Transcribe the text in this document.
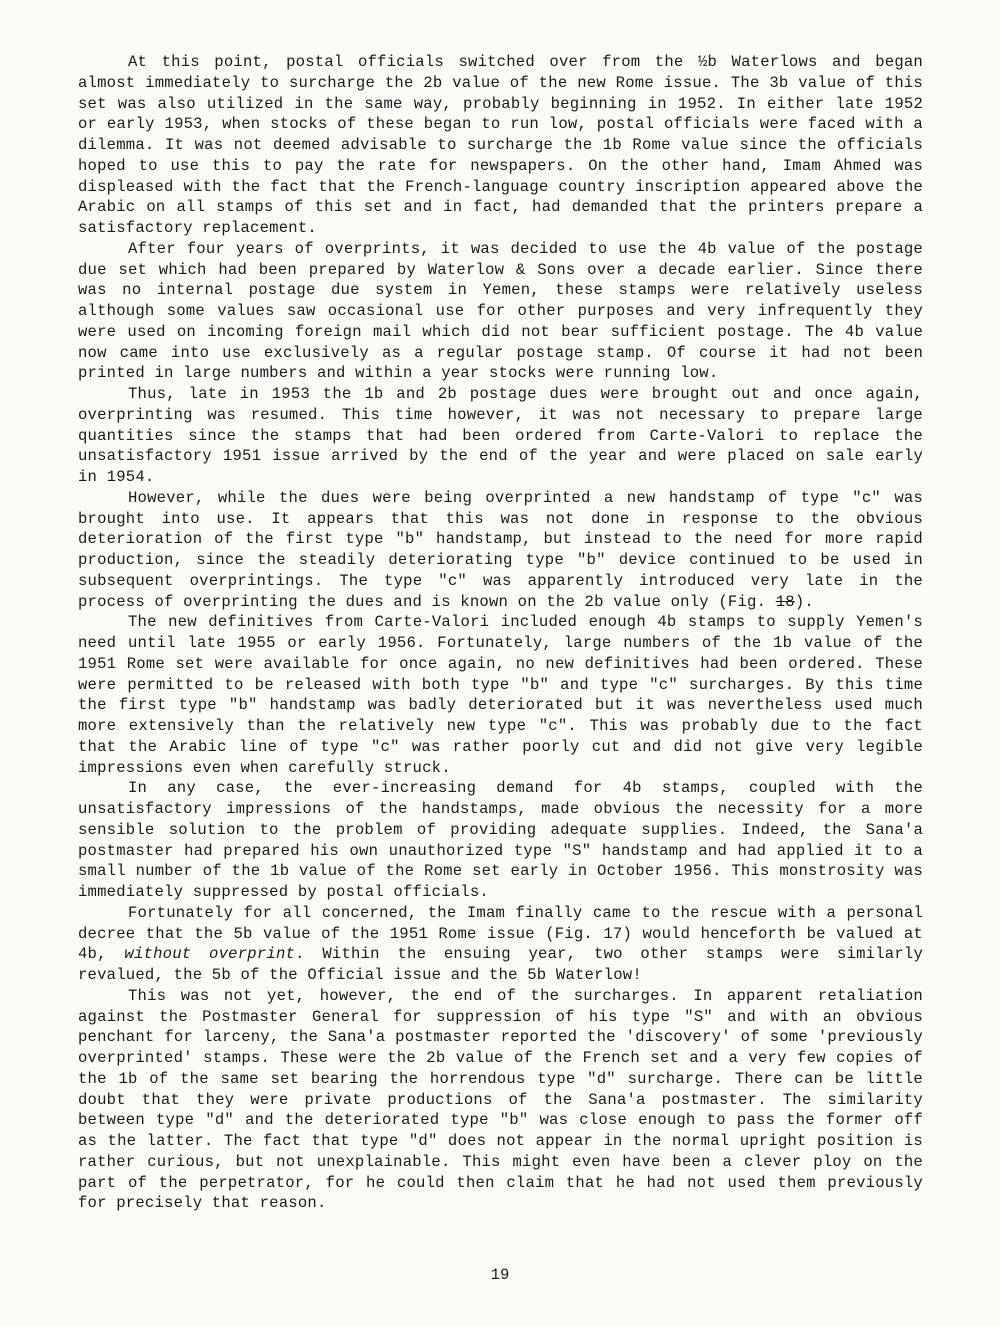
At this point, postal officials switched over from the ½b Waterlows and began almost immediately to surcharge the 2b value of the new Rome issue. The 3b value of this set was also utilized in the same way, probably beginning in 1952. In either late 1952 or early 1953, when stocks of these began to run low, postal officials were faced with a dilemma. It was not deemed advisable to surcharge the 1b Rome value since the officials hoped to use this to pay the rate for newspapers. On the other hand, Imam Ahmed was displeased with the fact that the French-language country inscription appeared above the Arabic on all stamps of this set and in fact, had demanded that the printers prepare a satisfactory replacement.

After four years of overprints, it was decided to use the 4b value of the postage due set which had been prepared by Waterlow & Sons over a decade earlier. Since there was no internal postage due system in Yemen, these stamps were relatively useless although some values saw occasional use for other purposes and very infrequently they were used on incoming foreign mail which did not bear sufficient postage. The 4b value now came into use exclusively as a regular postage stamp. Of course it had not been printed in large numbers and within a year stocks were running low.

Thus, late in 1953 the 1b and 2b postage dues were brought out and once again, overprinting was resumed. This time however, it was not necessary to prepare large quantities since the stamps that had been ordered from Carte-Valori to replace the unsatisfactory 1951 issue arrived by the end of the year and were placed on sale early in 1954.

However, while the dues were being overprinted a new handstamp of type "c" was brought into use. It appears that this was not done in response to the obvious deterioration of the first type "b" handstamp, but instead to the need for more rapid production, since the steadily deteriorating type "b" device continued to be used in subsequent overprintings. The type "c" was apparently introduced very late in the process of overprinting the dues and is known on the 2b value only (Fig. 18).

The new definitives from Carte-Valori included enough 4b stamps to supply Yemen's need until late 1955 or early 1956. Fortunately, large numbers of the 1b value of the 1951 Rome set were available for once again, no new definitives had been ordered. These were permitted to be released with both type "b" and type "c" surcharges. By this time the first type "b" handstamp was badly deteriorated but it was nevertheless used much more extensively than the relatively new type "c". This was probably due to the fact that the Arabic line of type "c" was rather poorly cut and did not give very legible impressions even when carefully struck.

In any case, the ever-increasing demand for 4b stamps, coupled with the unsatisfactory impressions of the handstamps, made obvious the necessity for a more sensible solution to the problem of providing adequate supplies. Indeed, the Sana'a postmaster had prepared his own unauthorized type "S" handstamp and had applied it to a small number of the 1b value of the Rome set early in October 1956. This monstrosity was immediately suppressed by postal officials.

Fortunately for all concerned, the Imam finally came to the rescue with a personal decree that the 5b value of the 1951 Rome issue (Fig. 17) would henceforth be valued at 4b, without overprint. Within the ensuing year, two other stamps were similarly revalued, the 5b of the Official issue and the 5b Waterlow!

This was not yet, however, the end of the surcharges. In apparent retaliation against the Postmaster General for suppression of his type "S" and with an obvious penchant for larceny, the Sana'a postmaster reported the 'discovery' of some 'previously overprinted' stamps. These were the 2b value of the French set and a very few copies of the 1b of the same set bearing the horrendous type "d" surcharge. There can be little doubt that they were private productions of the Sana'a postmaster. The similarity between type "d" and the deteriorated type "b" was close enough to pass the former off as the latter. The fact that type "d" does not appear in the normal upright position is rather curious, but not unexplainable. This might even have been a clever ploy on the part of the perpetrator, for he could then claim that he had not used them previously for precisely that reason.

19
